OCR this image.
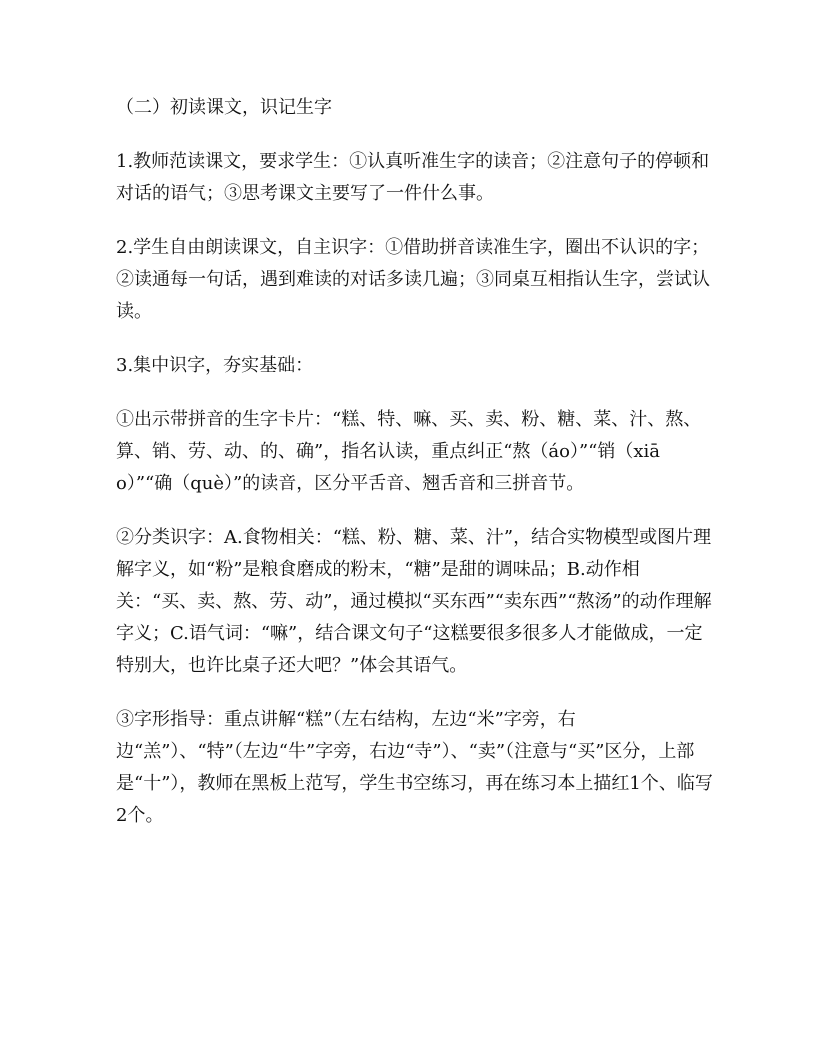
（二）初读课文，识记生字

1.教师范读课文，要求学生：①认真听准生字的读音；②注意句子的停顿和对话的语气；③思考课文主要写了一件什么事。

2.学生自由朗读课文，自主识字：①借助拼音读准生字，圈出不认识的字；②读通每一句话，遇到难读的对话多读几遍；③同桌互相指认生字，尝试认读。

3.集中识字，夯实基础：

①出示带拼音的生字卡片：“糕、特、嘛、买、卖、粉、糖、菜、汁、熬、算、销、劳、动、的、确”，指名认读，重点纠正“熬（áo）”“销（xiāo）”“确（què）”的读音，区分平舌音、翘舌音和三拼音节。

②分类识字：A.食物相关：“糕、粉、糖、菜、汁”，结合实物模型或图片理解字义，如“粉”是粮食磨成的粉末，“糖”是甜的调味品；B.动作相关：“买、卖、熬、劳、动”，通过模拟“买东西”“卖东西”“熬汤”的动作理解字义；C.语气词：“嘛”，结合课文句子“这糕要很多很多人才能做成，一定特别大，也许比桌子还大吧？”体会其语气。

③字形指导：重点讲解“糕”（左右结构，左边“米”字旁，右边“羔”）、“特”（左边“牛”字旁，右边“寺”）、“卖”（注意与“买”区分，上部是“十”），教师在黑板上范写，学生书空练习，再在练习本上描红1个、临写2个。
